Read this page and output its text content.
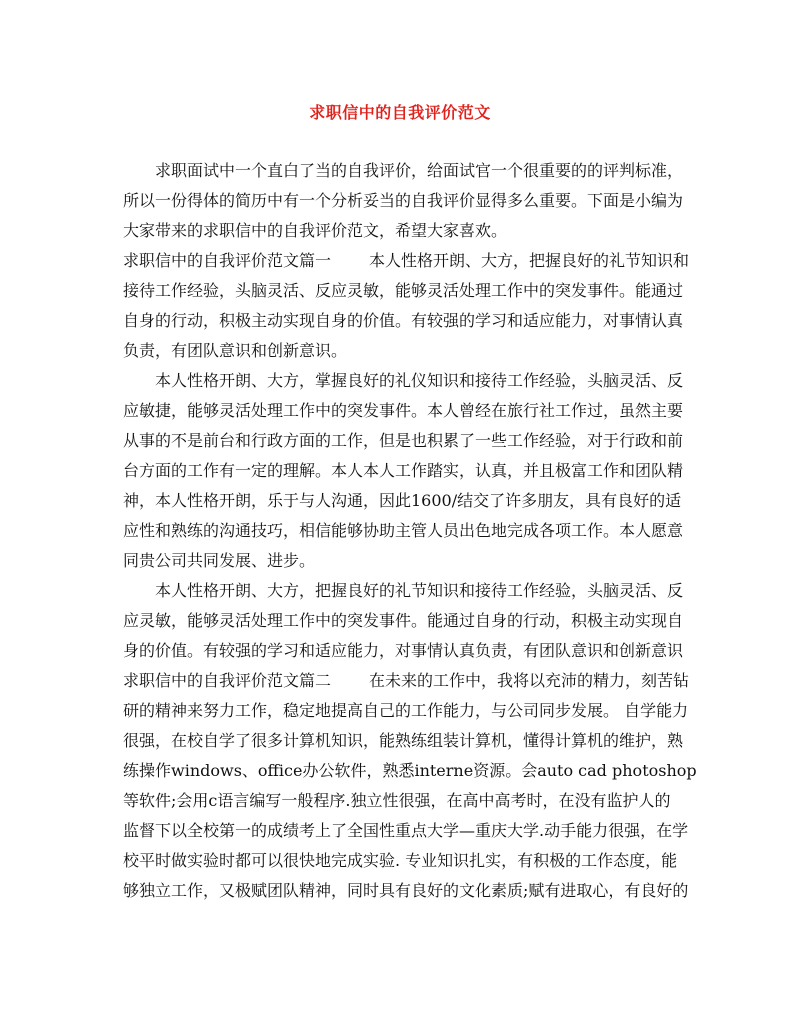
求职信中的自我评价范文
求职面试中一个直白了当的自我评价，给面试官一个很重要的的评判标准，
所以一份得体的简历中有一个分析妥当的自我评价显得多么重要。下面是小编为
大家带来的求职信中的自我评价范文，希望大家喜欢。
求职信中的自我评价范文篇一 本人性格开朗、大方，把握良好的礼节知识和
接待工作经验，头脑灵活、反应灵敏，能够灵活处理工作中的突发事件。能通过
自身的行动，积极主动实现自身的价值。有较强的学习和适应能力，对事情认真
负责，有团队意识和创新意识。
本人性格开朗、大方，掌握良好的礼仪知识和接待工作经验，头脑灵活、反
应敏捷，能够灵活处理工作中的突发事件。本人曾经在旅行社工作过，虽然主要
从事的不是前台和行政方面的工作，但是也积累了一些工作经验，对于行政和前
台方面的工作有一定的理解。本人本人工作踏实，认真，并且极富工作和团队精
神，本人性格开朗，乐于与人沟通，因此1600/结交了许多朋友，具有良好的适
应性和熟练的沟通技巧，相信能够协助主管人员出色地完成各项工作。本人愿意
同贵公司共同发展、进步。
本人性格开朗、大方，把握良好的礼节知识和接待工作经验，头脑灵活、反
应灵敏，能够灵活处理工作中的突发事件。能通过自身的行动，积极主动实现自
身的价值。有较强的学习和适应能力，对事情认真负责，有团队意识和创新意识
求职信中的自我评价范文篇二 在未来的工作中，我将以充沛的精力，刻苦钻
研的精神来努力工作，稳定地提高自己的工作能力，与公司同步发展。 自学能力
很强，在校自学了很多计算机知识，能熟练组装计算机，懂得计算机的维护，熟
练操作windows、office办公软件，熟悉interne资源。会auto cad photoshop
等软件;会用c语言编写一般程序.独立性很强，在高中高考时，在没有监护人的
监督下以全校第一的成绩考上了全国性重点大学—重庆大学.动手能力很强，在学
校平时做实验时都可以很快地完成实验. 专业知识扎实，有积极的工作态度，能
够独立工作，又极赋团队精神，同时具有良好的文化素质;赋有进取心，有良好的
